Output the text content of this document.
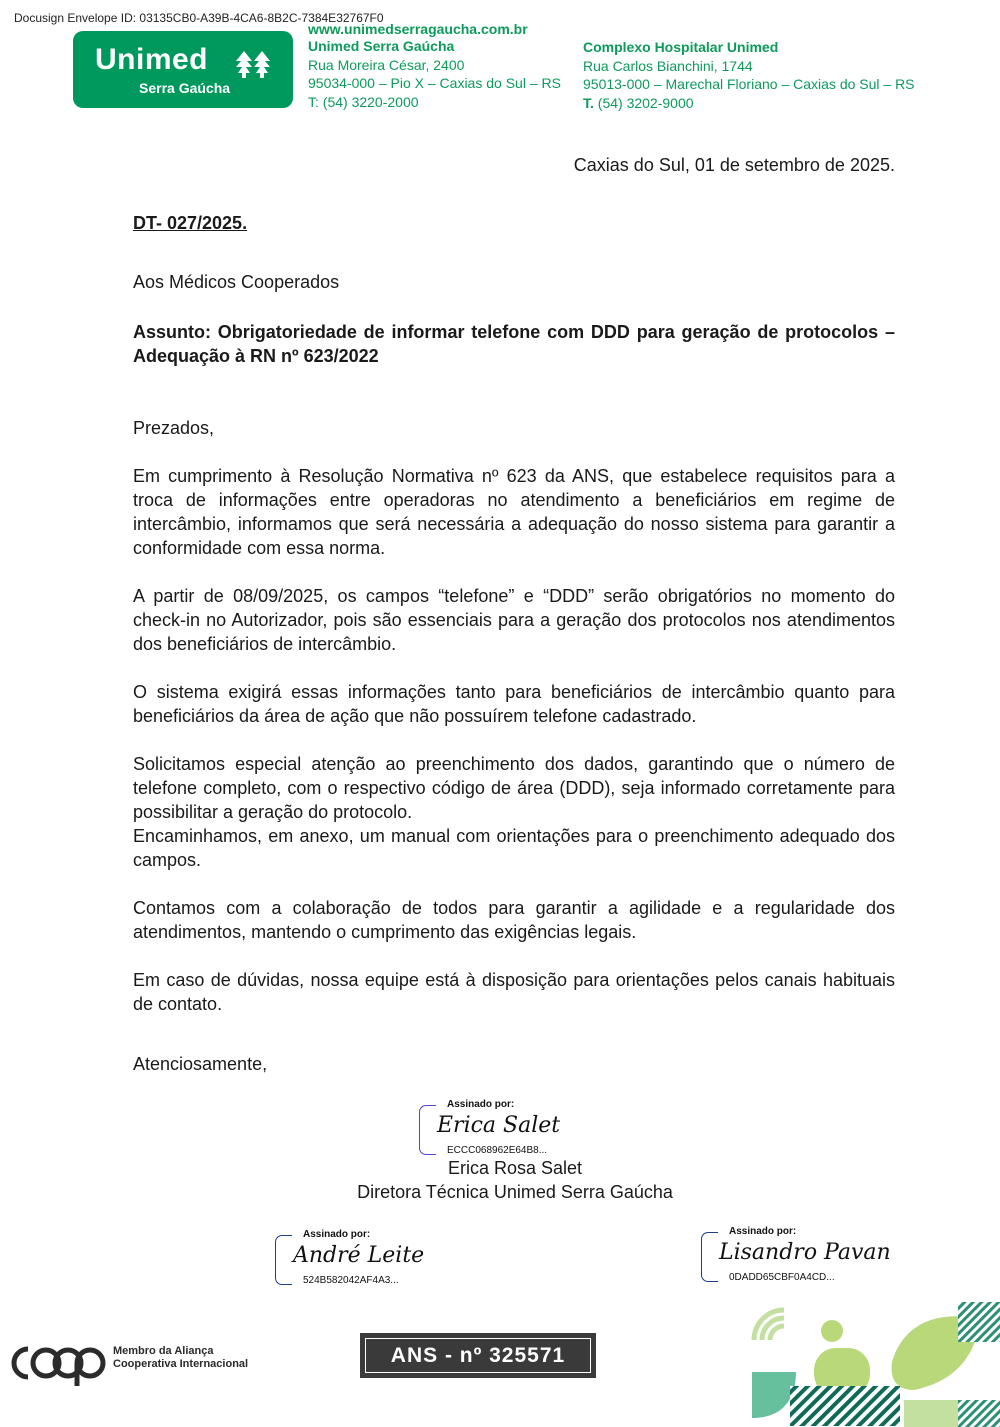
Docusign Envelope ID: 03135CB0-A39B-4CA6-8B2C-7384E32767F0
Unimed
Serra Gaúcha
www.unimedserragaucha.com.br
Unimed Serra Gaúcha
Rua Moreira César, 2400
95034-000 – Pio X – Caxias do Sul – RS
T: (54) 3220-2000
Complexo Hospitalar Unimed
Rua Carlos Bianchini, 1744
95013-000 – Marechal Floriano – Caxias do Sul – RS
T. (54) 3202-9000
Caxias do Sul, 01 de setembro de 2025.
DT- 027/2025.
Aos Médicos Cooperados
Assunto: Obrigatoriedade de informar telefone com DDD para geração de protocolos – Adequação à RN nº 623/2022

Prezados,

Em cumprimento à Resolução Normativa nº 623 da ANS, que estabelece requisitos para a troca de informações entre operadoras no atendimento a beneficiários em regime de intercâmbio, informamos que será necessária a adequação do nosso sistema para garantir a conformidade com essa norma.

A partir de 08/09/2025, os campos “telefone” e “DDD” serão obrigatórios no momento do check-in no Autorizador, pois são essenciais para a geração dos protocolos nos atendimentos dos beneficiários de intercâmbio.

O sistema exigirá essas informações tanto para beneficiários de intercâmbio quanto para beneficiários da área de ação que não possuírem telefone cadastrado.

Solicitamos especial atenção ao preenchimento dos dados, garantindo que o número de telefone completo, com o respectivo código de área (DDD), seja informado corretamente para possibilitar a geração do protocolo.

Encaminhamos, em anexo, um manual com orientações para o preenchimento adequado dos campos.

Contamos com a colaboração de todos para garantir a agilidade e a regularidade dos atendimentos, mantendo o cumprimento das exigências legais.

Em caso de dúvidas, nossa equipe está à disposição para orientações pelos canais habituais de contato.

Atenciosamente,

Assinado por:
Erica Salet
ECCC068962E64B8...
Erica Rosa Salet
Diretora Técnica Unimed Serra Gaúcha
Assinado por:
André Leite
524B582042AF4A3...
Assinado por:
Lisandro Pavan
0DADD65CBF0A4CD...
Membro da Aliança
Cooperativa Internacional	ANS - nº 325571
